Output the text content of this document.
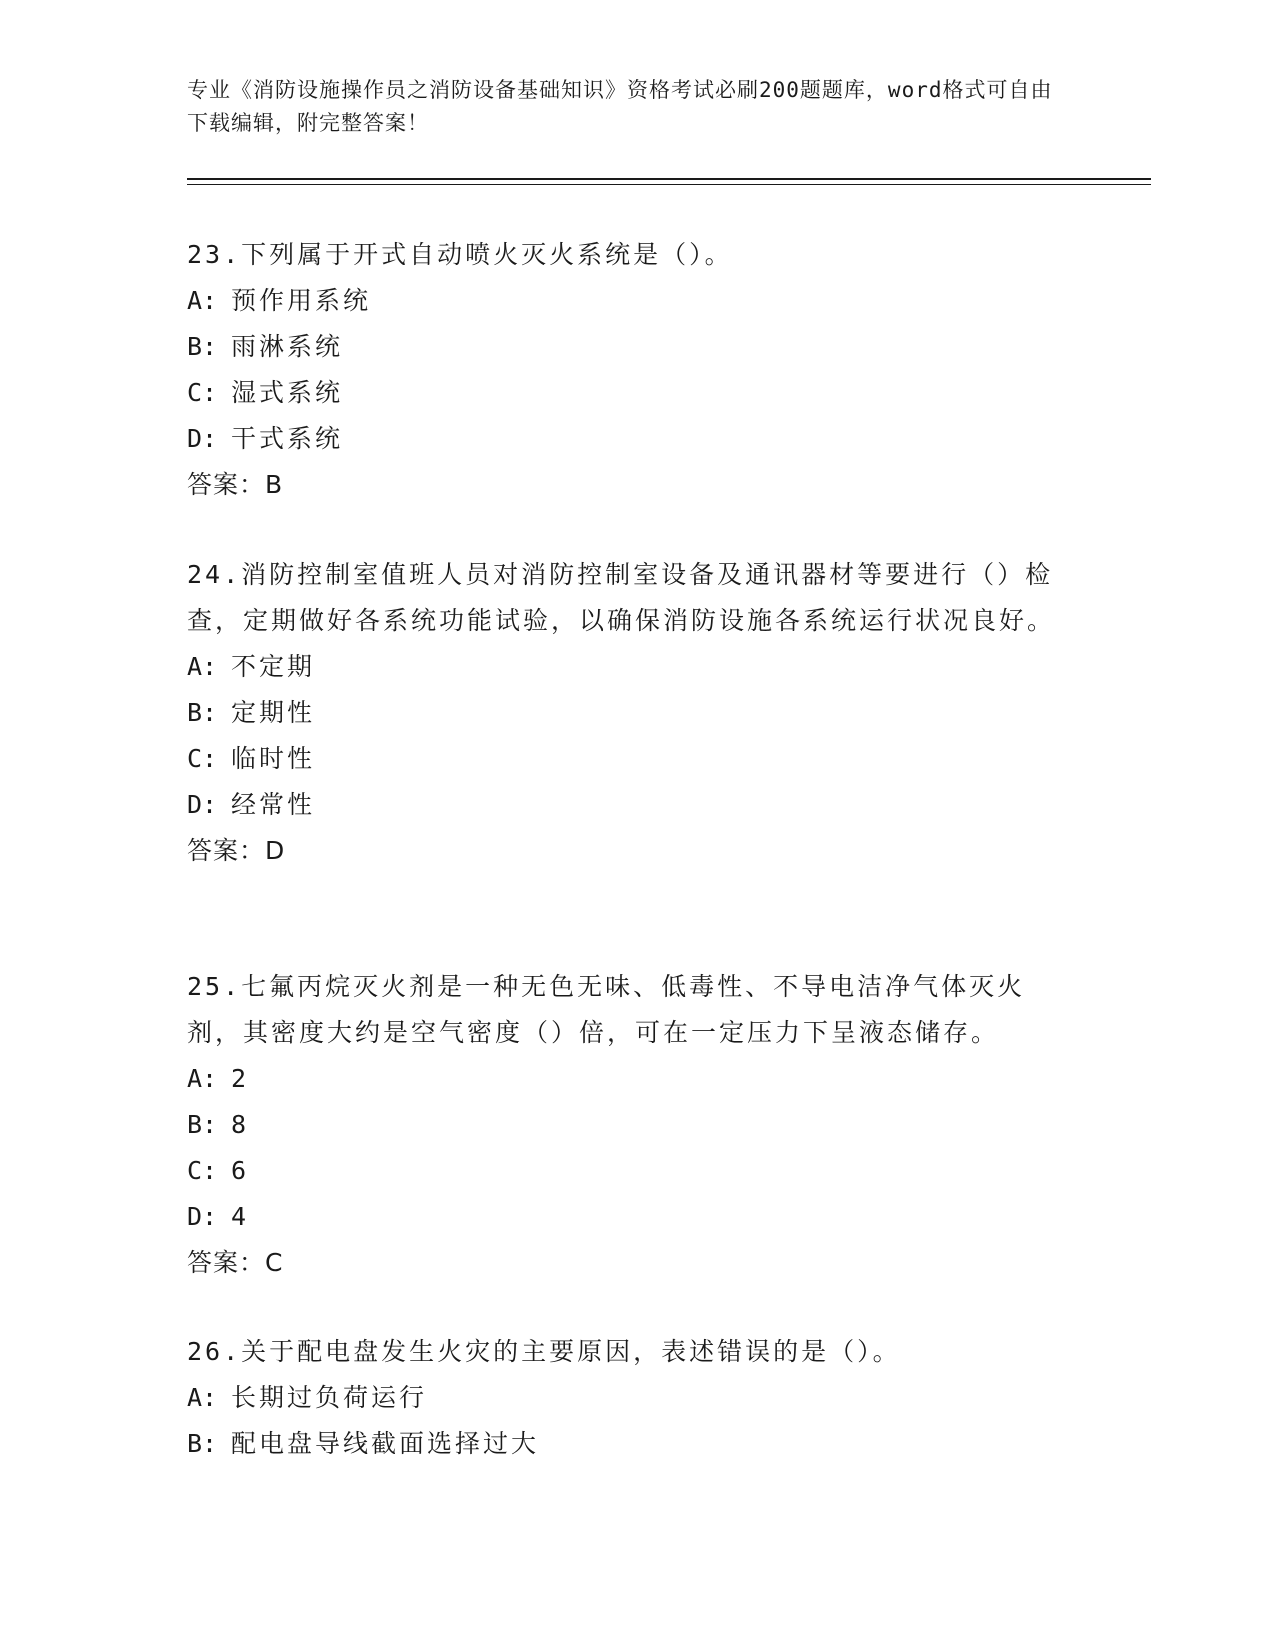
专业《消防设施操作员之消防设备基础知识》资格考试必刷200题题库，word格式可自由下载编辑，附完整答案！

23.下列属于开式自动喷火灭火系统是（）。

A: 预作用系统

B: 雨淋系统

C: 湿式系统

D: 干式系统

答案：B

24.消防控制室值班人员对消防控制室设备及通讯器材等要进行（）检查，定期做好各系统功能试验，以确保消防设施各系统运行状况良好。

A: 不定期

B: 定期性

C: 临时性

D: 经常性

答案：D

25.七氟丙烷灭火剂是一种无色无味、低毒性、不导电洁净气体灭火剂，其密度大约是空气密度（）倍，可在一定压力下呈液态储存。

A: 2

B: 8

C: 6

D: 4

答案：C

26.关于配电盘发生火灾的主要原因，表述错误的是（）。

A: 长期过负荷运行

B: 配电盘导线截面选择过大
